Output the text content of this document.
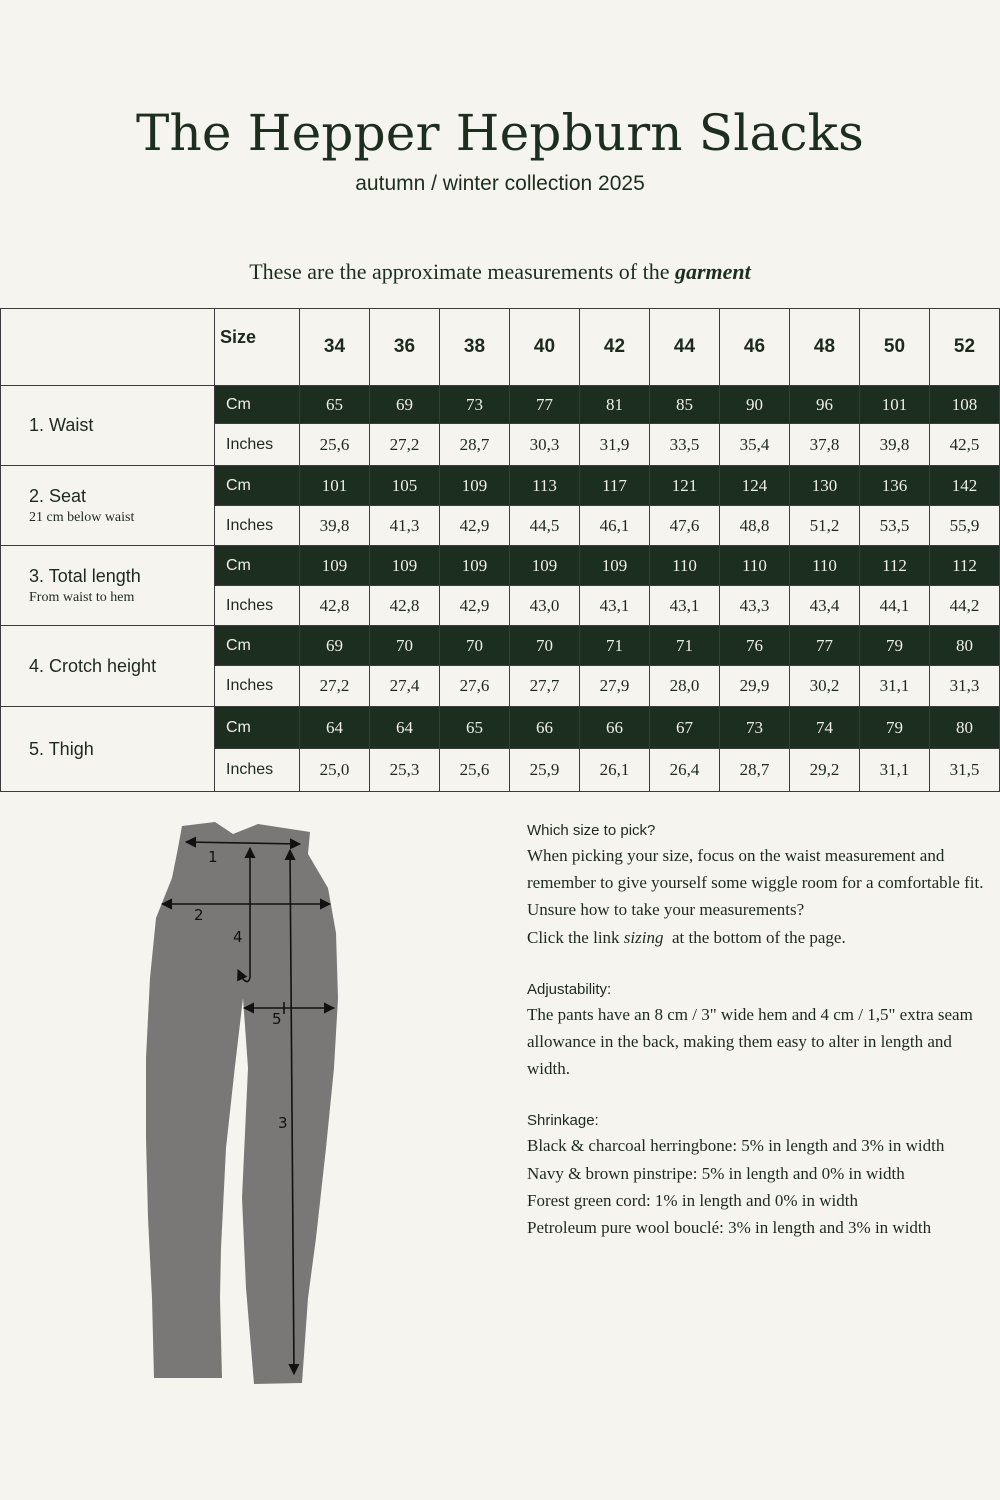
The Hepper Hepburn Slacks
autumn / winter collection 2025
These are the approximate measurements of the garment
	Size	34	36	38	40	42	44	46	48	50	52

1. Waist	Cm	65	69	73	77	81	85	90	96	101	108
	Inches	25,6	27,2	28,7	30,3	31,9	33,5	35,4	37,8	39,8	42,5

2. Seat
21 cm below waist	Cm	101	105	109	113	117	121	124	130	136	142
	Inches	39,8	41,3	42,9	44,5	46,1	47,6	48,8	51,2	53,5	55,9

3. Total length
From waist to hem	Cm	109	109	109	109	109	110	110	110	112	112
	Inches	42,8	42,8	42,9	43,0	43,1	43,1	43,3	43,4	44,1	44,2

4. Crotch height	Cm	69	70	70	70	71	71	76	77	79	80
	Inches	27,2	27,4	27,6	27,7	27,9	28,0	29,9	30,2	31,1	31,3

5. Thigh	Cm	64	64	65	66	66	67	73	74	79	80
	Inches	25,0	25,3	25,6	25,9	26,1	26,4	28,7	29,2	31,1	31,5
1
2
3
4
5
Which size to pick?

When picking your size, focus on the waist measurement and remember to give yourself some wiggle room for a comfortable fit.

Unsure how to take your measurements?

Click the link sizing at the bottom of the page.

Adjustability:

The pants have an 8 cm / 3" wide hem and 4 cm / 1,5" extra seam allowance in the back, making them easy to alter in length and width.

Shrinkage:

Black & charcoal herringbone: 5% in length and 3% in width

Navy & brown pinstripe: 5% in length and 0% in width

Forest green cord: 1% in length and 0% in width

Petroleum pure wool bouclé: 3% in length and 3% in width
